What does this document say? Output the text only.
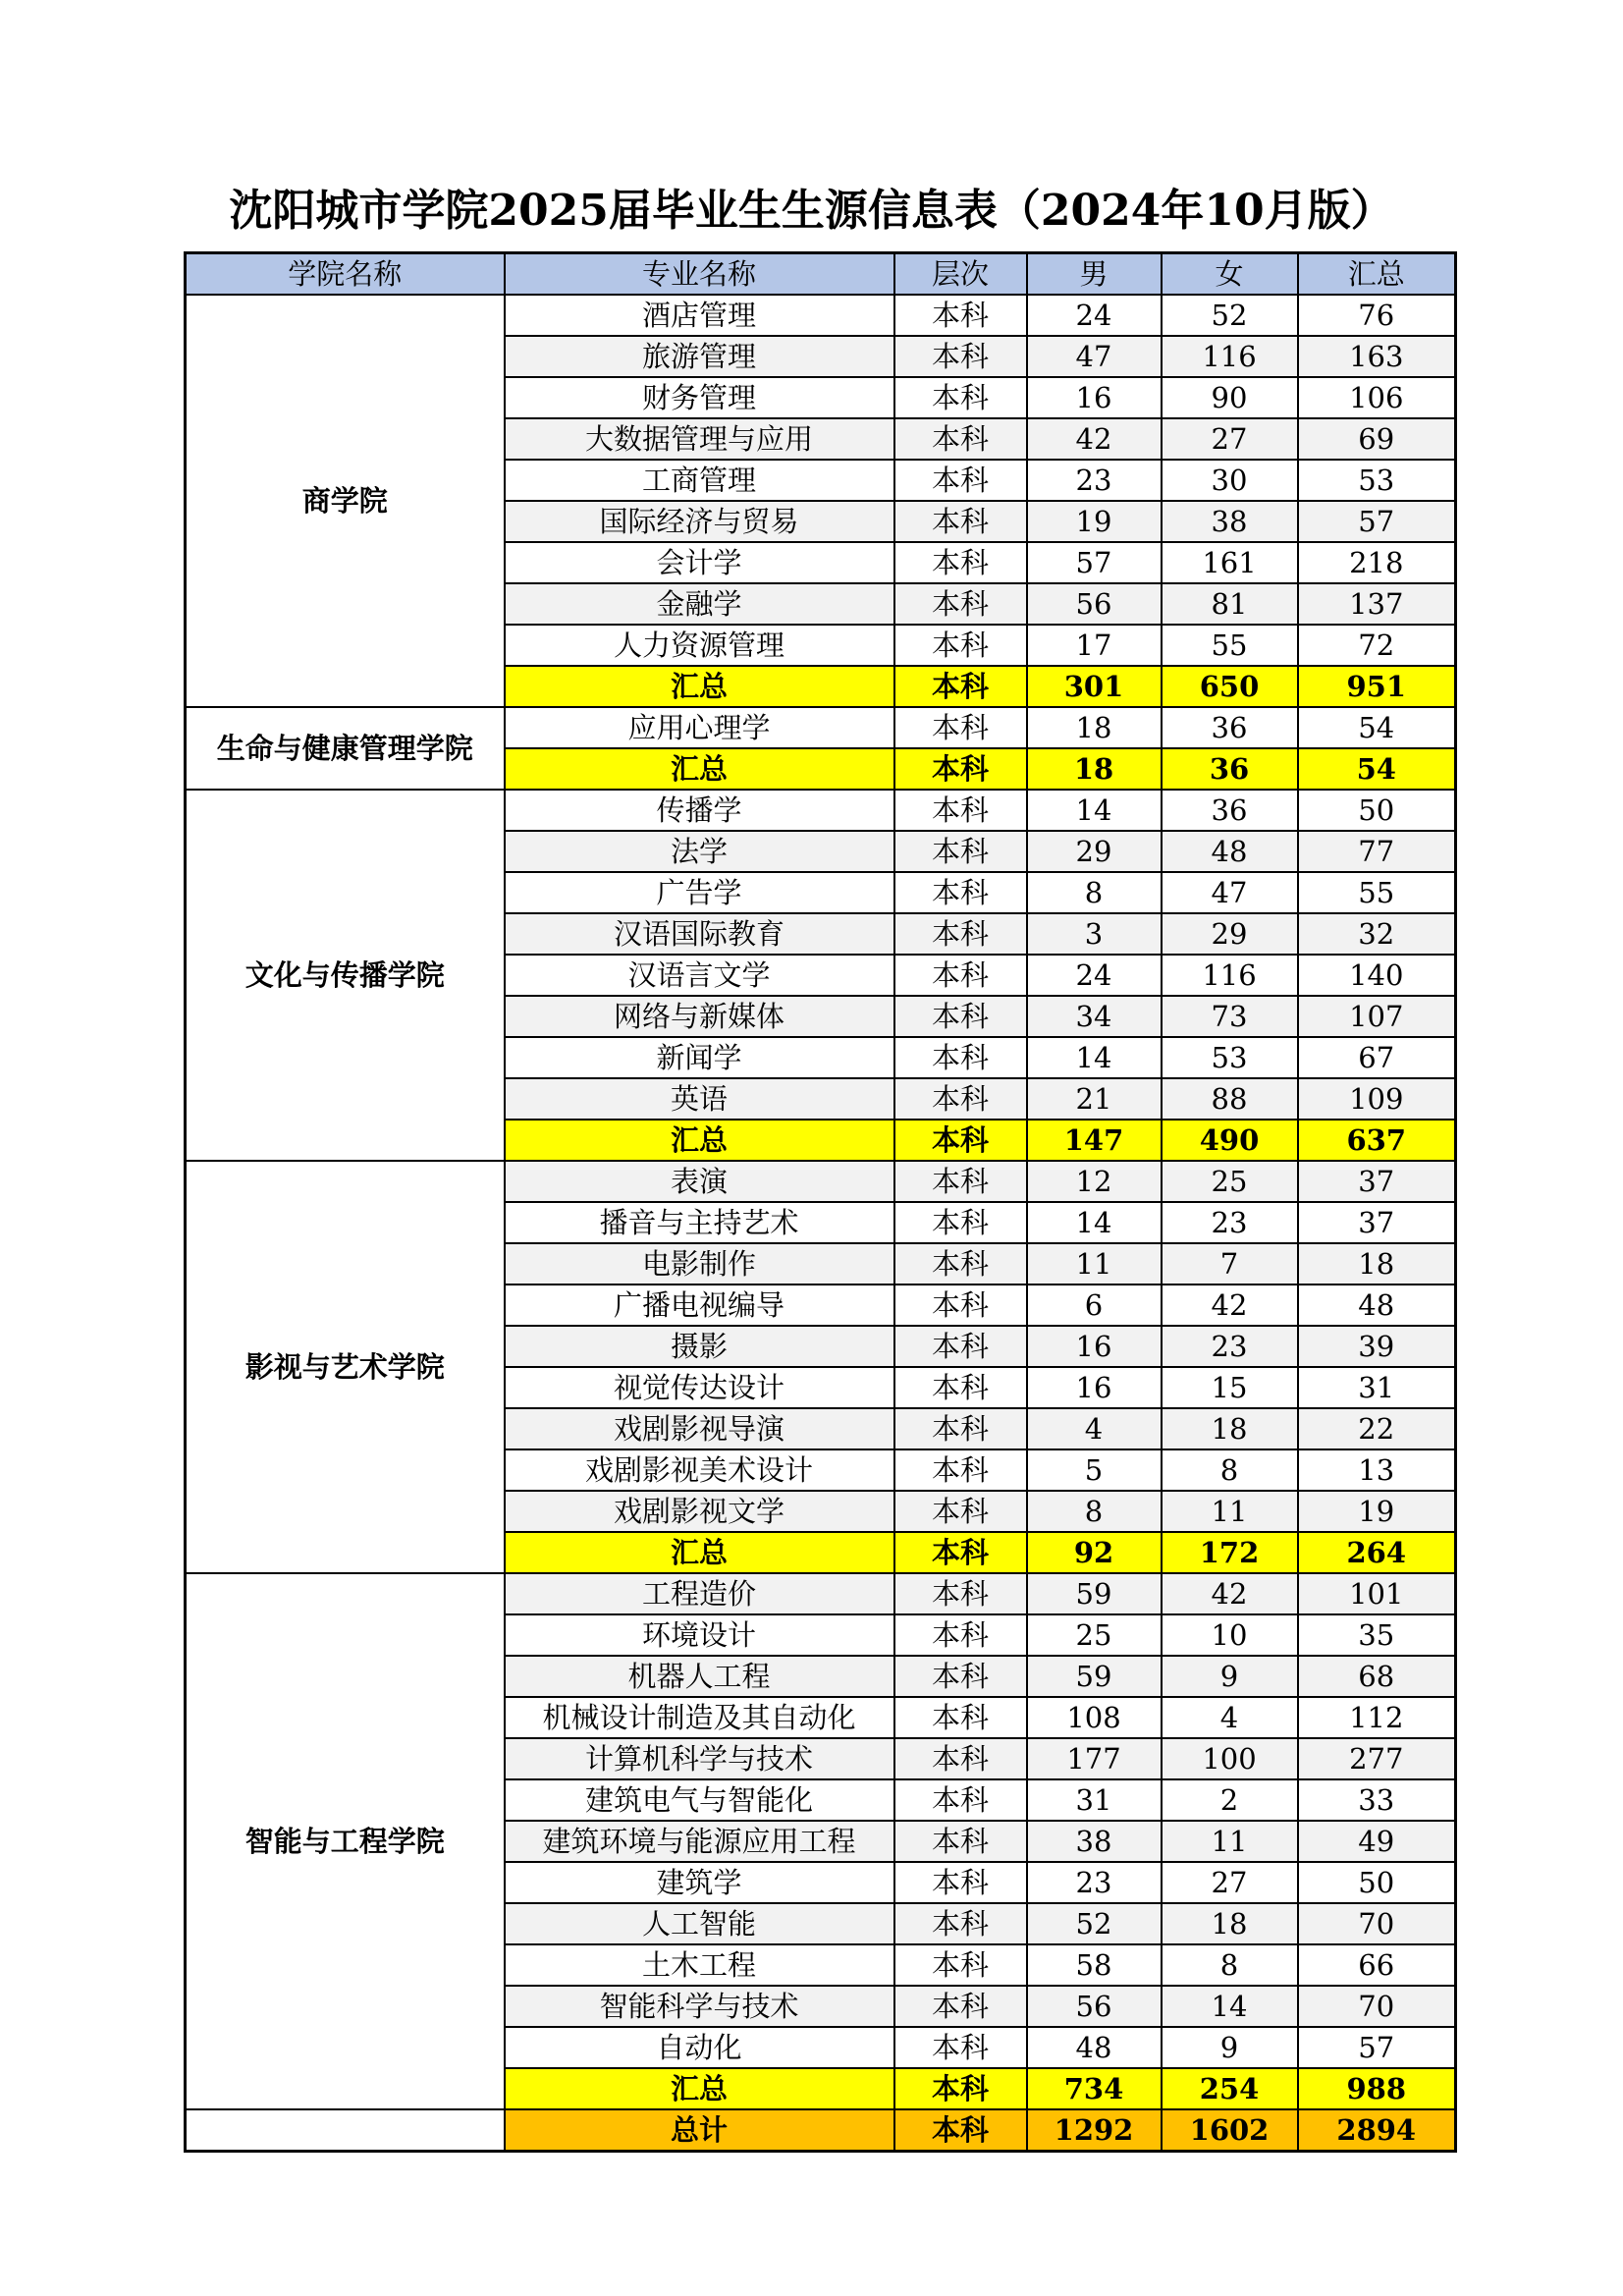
沈阳城市学院2025届毕业生生源信息表（2024年10月版）
学院名称	专业名称	层次	男	女	汇总
商学院	酒店管理	本科	24	52	76
	旅游管理	本科	47	116	163
	财务管理	本科	16	90	106
	大数据管理与应用	本科	42	27	69
	工商管理	本科	23	30	53
	国际经济与贸易	本科	19	38	57
	会计学	本科	57	161	218
	金融学	本科	56	81	137
	人力资源管理	本科	17	55	72
	汇总	本科	301	650	951
生命与健康管理学院	应用心理学	本科	18	36	54
	汇总	本科	18	36	54
文化与传播学院	传播学	本科	14	36	50
	法学	本科	29	48	77
	广告学	本科	8	47	55
	汉语国际教育	本科	3	29	32
	汉语言文学	本科	24	116	140
	网络与新媒体	本科	34	73	107
	新闻学	本科	14	53	67
	英语	本科	21	88	109
	汇总	本科	147	490	637
影视与艺术学院	表演	本科	12	25	37
	播音与主持艺术	本科	14	23	37
	电影制作	本科	11	7	18
	广播电视编导	本科	6	42	48
	摄影	本科	16	23	39
	视觉传达设计	本科	16	15	31
	戏剧影视导演	本科	4	18	22
	戏剧影视美术设计	本科	5	8	13
	戏剧影视文学	本科	8	11	19
	汇总	本科	92	172	264
智能与工程学院	工程造价	本科	59	42	101
	环境设计	本科	25	10	35
	机器人工程	本科	59	9	68
	机械设计制造及其自动化	本科	108	4	112
	计算机科学与技术	本科	177	100	277
	建筑电气与智能化	本科	31	2	33
	建筑环境与能源应用工程	本科	38	11	49
	建筑学	本科	23	27	50
	人工智能	本科	52	18	70
	土木工程	本科	58	8	66
	智能科学与技术	本科	56	14	70
	自动化	本科	48	9	57
	汇总	本科	734	254	988
	总计	本科	1292	1602	2894
